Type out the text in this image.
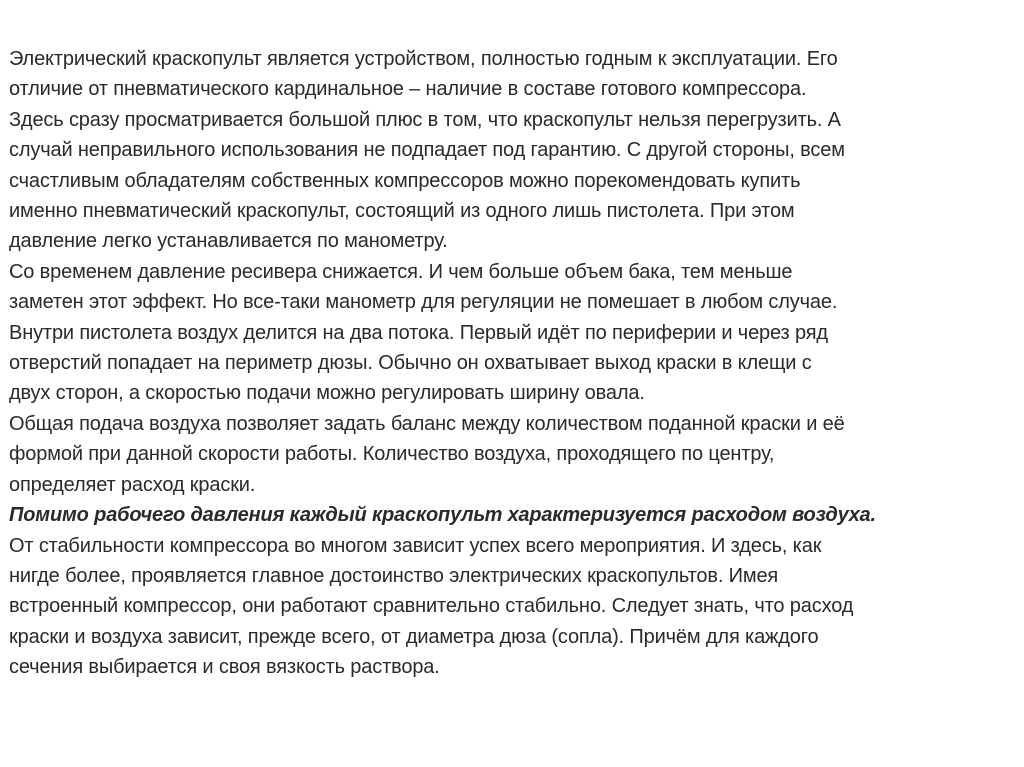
Электрический краскопульт является устройством, полностью годным к эксплуатации. Его
отличие от пневматического кардинальное – наличие в составе готового компрессора.
Здесь сразу просматривается большой плюс в том, что краскопульт нельзя перегрузить. А
случай неправильного использования не подпадает под гарантию. С другой стороны, всем
счастливым обладателям собственных компрессоров можно порекомендовать купить
именно пневматический краскопульт, состоящий из одного лишь пистолета. При этом
давление легко устанавливается по манометру.
Со временем давление ресивера снижается. И чем больше объем бака, тем меньше
заметен этот эффект. Но все-таки манометр для регуляции не помешает в любом случае.
Внутри пистолета воздух делится на два потока. Первый идёт по периферии и через ряд
отверстий попадает на периметр дюзы. Обычно он охватывает выход краски в клещи с
двух сторон, а скоростью подачи можно регулировать ширину овала.
Общая подача воздуха позволяет задать баланс между количеством поданной краски и её
формой при данной скорости работы. Количество воздуха, проходящего по центру,
определяет расход краски.
Помимо рабочего давления каждый краскопульт характеризуется расходом воздуха.
От стабильности компрессора во многом зависит успех всего мероприятия. И здесь, как
нигде более, проявляется главное достоинство электрических краскопультов. Имея
встроенный компрессор, они работают сравнительно стабильно. Следует знать, что расход
краски и воздуха зависит, прежде всего, от диаметра дюза (сопла). Причём для каждого
сечения выбирается и своя вязкость раствора.
